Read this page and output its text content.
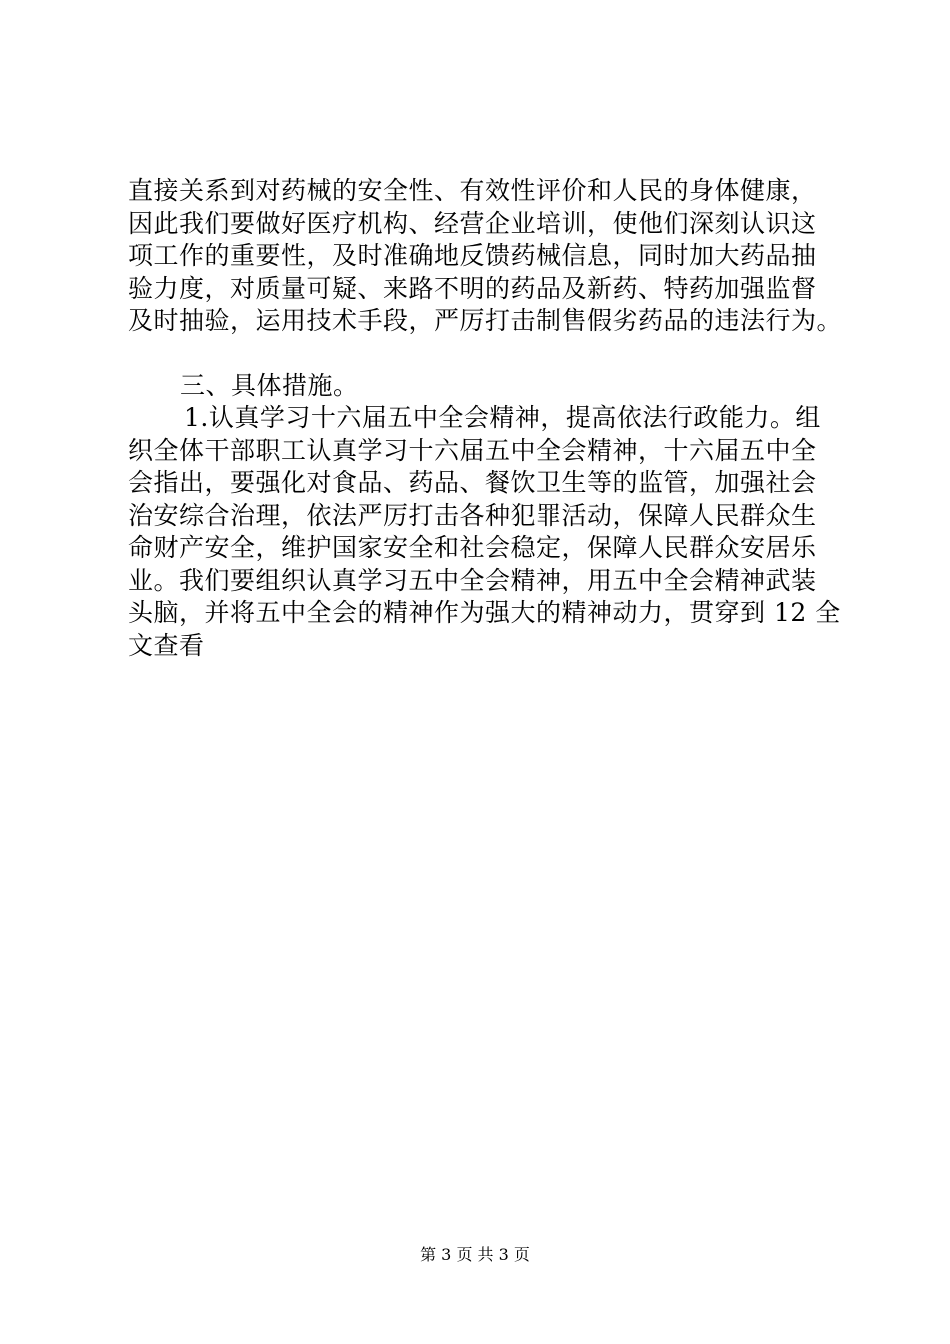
直接关系到对药械的安全性、有效性评价和人民的身体健康，
因此我们要做好医疗机构、经营企业培训，使他们深刻认识这
项工作的重要性，及时准确地反馈药械信息，同时加大药品抽
验力度，对质量可疑、来路不明的药品及新药、特药加强监督
及时抽验，运用技术手段，严厉打击制售假劣药品的违法行为。
三、具体措施。
1.认真学习十六届五中全会精神，提高依法行政能力。组
织全体干部职工认真学习十六届五中全会精神，十六届五中全
会指出，要强化对食品、药品、餐饮卫生等的监管，加强社会
治安综合治理，依法严厉打击各种犯罪活动，保障人民群众生
命财产安全，维护国家安全和社会稳定，保障人民群众安居乐
业。我们要组织认真学习五中全会精神，用五中全会精神武装
头脑，并将五中全会的精神作为强大的精神动力，贯穿到 12 全
文查看
第 3 页 共 3 页
